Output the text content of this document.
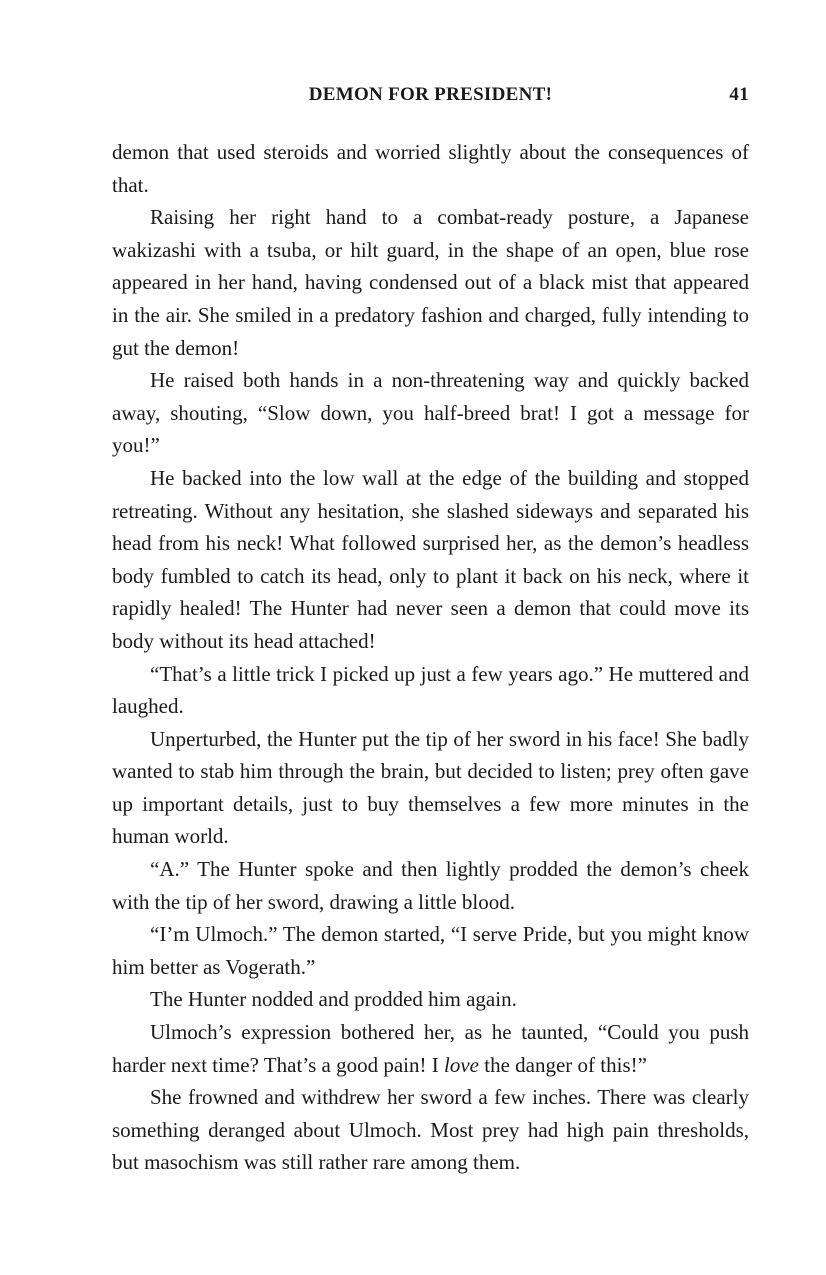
DEMON FOR PRESIDENT!	41

demon that used steroids and worried slightly about the consequences of that.

Raising her right hand to a combat-ready posture, a Japanese wakizashi with a tsuba, or hilt guard, in the shape of an open, blue rose appeared in her hand, having condensed out of a black mist that appeared in the air. She smiled in a predatory fashion and charged, fully intending to gut the demon!

He raised both hands in a non-threatening way and quickly backed away, shouting, “Slow down, you half-breed brat! I got a message for you!”

He backed into the low wall at the edge of the building and stopped retreating. Without any hesitation, she slashed sideways and separated his head from his neck! What followed surprised her, as the demon’s headless body fumbled to catch its head, only to plant it back on his neck, where it rapidly healed! The Hunter had never seen a demon that could move its body without its head attached!

“That’s a little trick I picked up just a few years ago.” He muttered and laughed.

Unperturbed, the Hunter put the tip of her sword in his face! She badly wanted to stab him through the brain, but decided to listen; prey often gave up important details, just to buy themselves a few more minutes in the human world.

“A.” The Hunter spoke and then lightly prodded the demon’s cheek with the tip of her sword, drawing a little blood.

“I’m Ulmoch.” The demon started, “I serve Pride, but you might know him better as Vogerath.”

The Hunter nodded and prodded him again.

Ulmoch’s expression bothered her, as he taunted, “Could you push harder next time? That’s a good pain! I love the danger of this!”

She frowned and withdrew her sword a few inches. There was clearly something deranged about Ulmoch. Most prey had high pain thresholds, but masochism was still rather rare among them.
